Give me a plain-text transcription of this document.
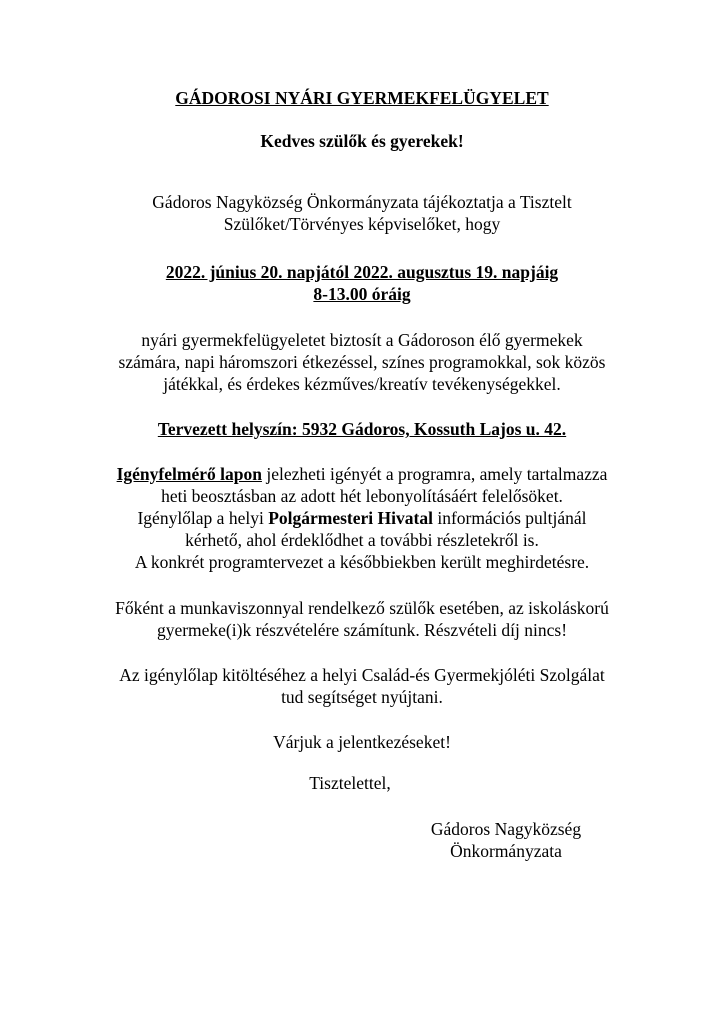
GÁDOROSI NYÁRI GYERMEKFELÜGYELET
Kedves szülők és gyerekek!
Gádoros Nagyközség Önkormányzata tájékoztatja a Tisztelt
Szülőket/Törvényes képviselőket, hogy
2022. június 20. napjától 2022. augusztus 19. napjáig
8-13.00 óráig
nyári gyermekfelügyeletet biztosít a Gádoroson élő gyermekek
számára, napi háromszori étkezéssel, színes programokkal, sok közös
játékkal, és érdekes kézműves/kreatív tevékenységekkel.
Tervezett helyszín: 5932 Gádoros, Kossuth Lajos u. 42.
Igényfelmérő lapon jelezheti igényét a programra, amely tartalmazza
heti beosztásban az adott hét lebonyolításáért felelősöket.
Igénylőlap a helyi Polgármesteri Hivatal információs pultjánál
kérhető, ahol érdeklődhet a további részletekről is.
A konkrét programtervezet a későbbiekben került meghirdetésre.
Főként a munkaviszonnyal rendelkező szülők esetében, az iskoláskorú
gyermeke(i)k részvételére számítunk. Részvételi díj nincs!
Az igénylőlap kitöltéséhez a helyi Család-és Gyermekjóléti Szolgálat
tud segítséget nyújtani.
Várjuk a jelentkezéseket!
Tisztelettel,
Gádoros Nagyközség
Önkormányzata
